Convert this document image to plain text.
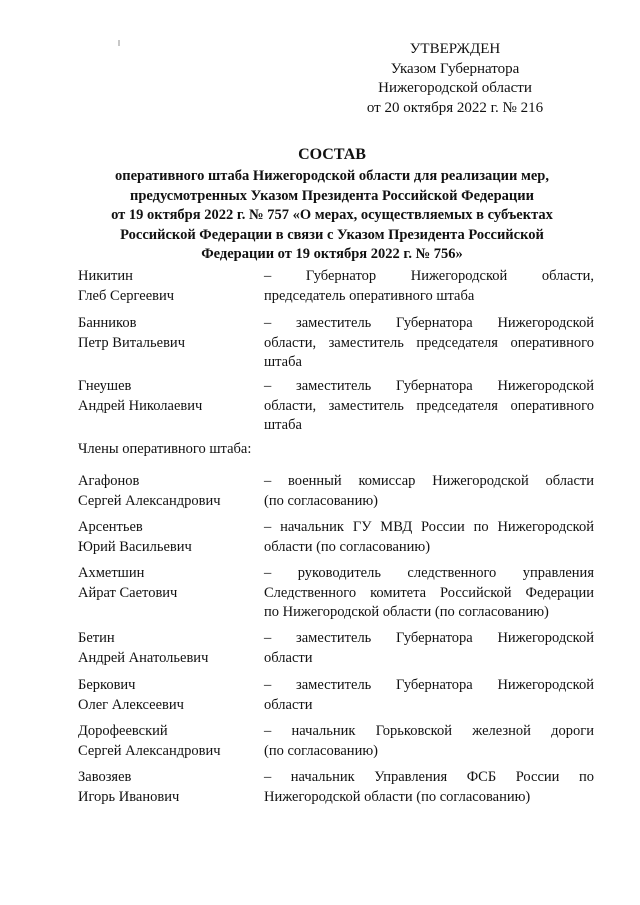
УТВЕРЖДЕН
Указом Губернатора
Нижегородской области
от 20 октября 2022 г. № 216
СОСТАВ
оперативного штаба Нижегородской области для реализации мер,
предусмотренных Указом Президента Российской Федерации
от 19 октября 2022 г. № 757 «О мерах, осуществляемых в субъектах
Российской Федерации в связи с Указом Президента Российской
Федерации от 19 октября 2022 г. № 756»
Никитин
Глеб Сергеевич
– Губернатор Нижегородской области,
председатель оперативного штаба
Банников
Петр Витальевич
– заместитель Губернатора Нижегородской
области, заместитель председателя оперативного
штаба
Гнеушев
Андрей Николаевич
– заместитель Губернатора Нижегородской
области, заместитель председателя оперативного
штаба
Члены оперативного штаба:
Агафонов
Сергей Александрович
– военный комиссар Нижегородской области
(по согласованию)
Арсентьев
Юрий Васильевич
– начальник ГУ МВД России по Нижегородской
области (по согласованию)
Ахметшин
Айрат Саетович
– руководитель следственного управления
Следственного комитета Российской Федерации
по Нижегородской области (по согласованию)
Бетин
Андрей Анатольевич
– заместитель Губернатора Нижегородской
области
Беркович
Олег Алексеевич
– заместитель Губернатора Нижегородской
области
Дорофеевский
Сергей Александрович
– начальник Горьковской железной дороги
(по согласованию)
Завозяев
Игорь Иванович
– начальник Управления ФСБ России по
Нижегородской области (по согласованию)
